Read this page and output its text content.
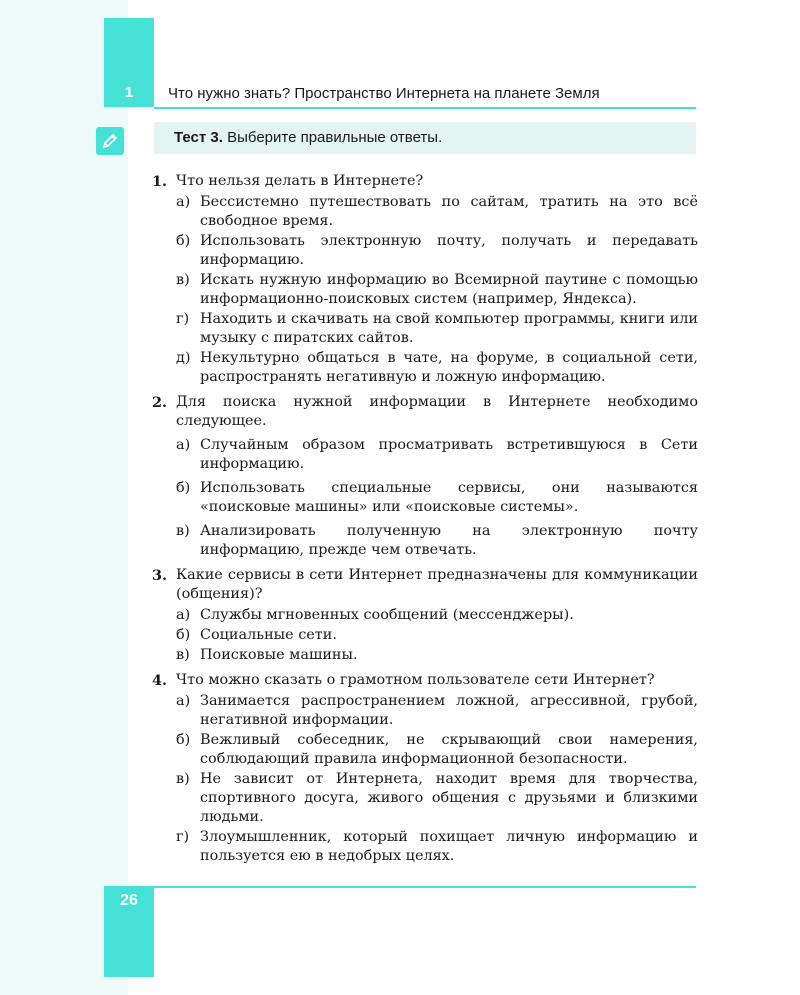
1	Что нужно знать? Пространство Интернета на планете Земля
Тест 3. Выберите правильные ответы.
1. Что нельзя делать в Интернете?
а) Бессистемно путешествовать по сайтам, тратить на это всё свободное время.
б) Использовать электронную почту, получать и передавать информацию.
в) Искать нужную информацию во Всемирной паутине с помощью информационно-поисковых систем (например, Яндекса).
г) Находить и скачивать на свой компьютер программы, книги или музыку с пиратских сайтов.
д) Некультурно общаться в чате, на форуме, в социальной сети, распространять негативную и ложную информацию.
2. Для поиска нужной информации в Интернете необходимо следующее.
а) Случайным образом просматривать встретившуюся в Сети информацию.
б) Использовать специальные сервисы, они называются «поисковые машины» или «поисковые системы».
в) Анализировать полученную на электронную почту информацию, прежде чем отвечать.
3. Какие сервисы в сети Интернет предназначены для коммуникации (общения)?
а) Службы мгновенных сообщений (мессенджеры).
б) Социальные сети.
в) Поисковые машины.
4. Что можно сказать о грамотном пользователе сети Интернет?
а) Занимается распространением ложной, агрессивной, грубой, негативной информации.
б) Вежливый собеседник, не скрывающий свои намерения, соблюдающий правила информационной безопасности.
в) Не зависит от Интернета, находит время для творчества, спортивного досуга, живого общения с друзьями и близкими людьми.
г) Злоумышленник, который похищает личную информацию и пользуется ею в недобрых целях.
26
